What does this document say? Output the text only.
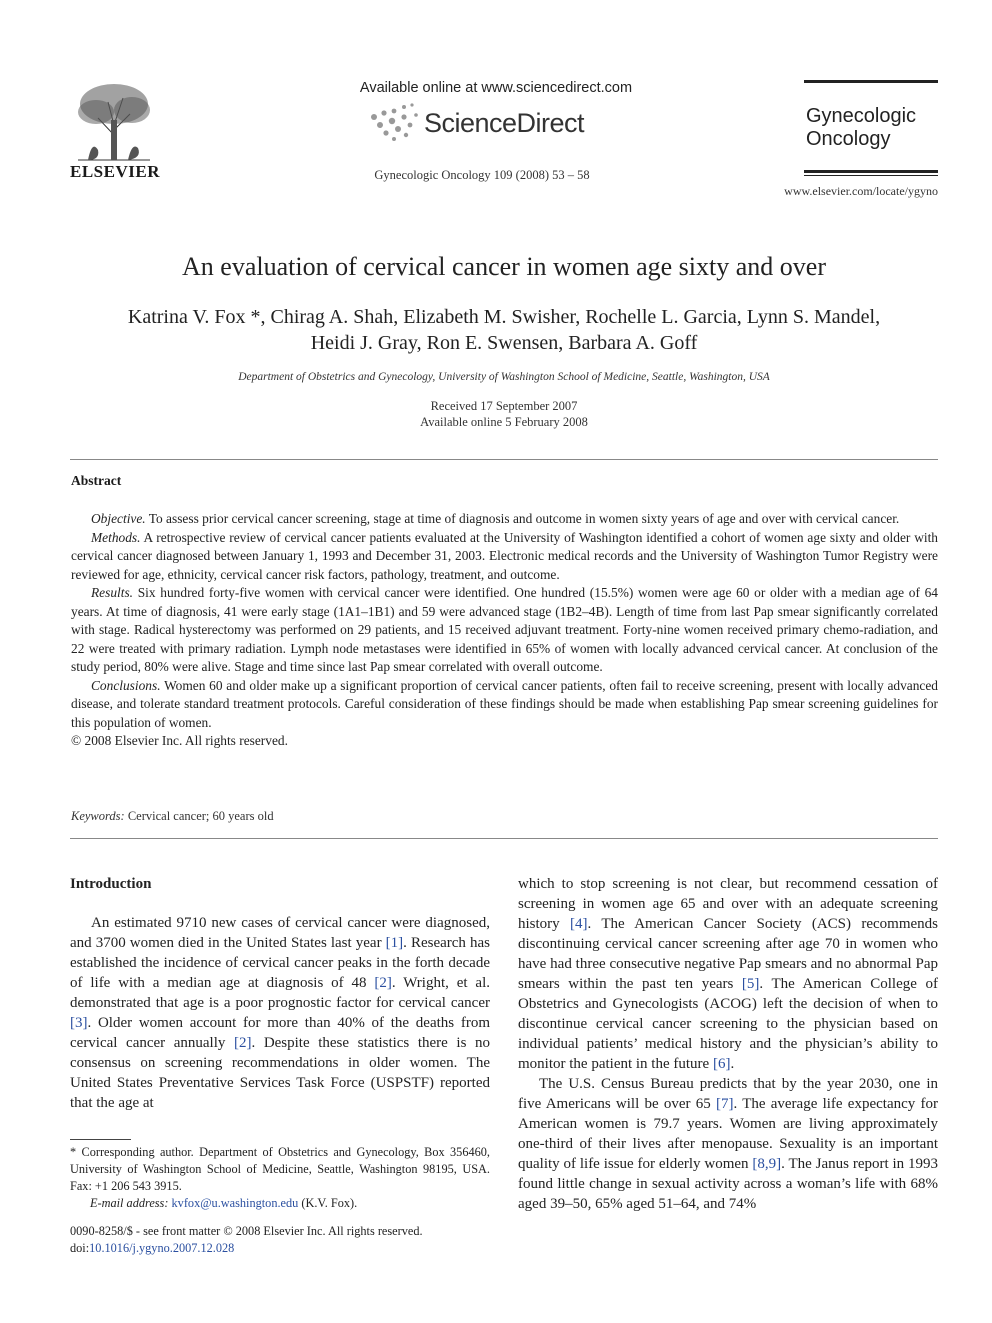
ELSEVIER
Available online at www.sciencedirect.com
ScienceDirect
Gynecologic Oncology 109 (2008) 53 – 58
Gynecologic
Oncology
www.elsevier.com/locate/ygyno
An evaluation of cervical cancer in women age sixty and over
Katrina V. Fox *, Chirag A. Shah, Elizabeth M. Swisher, Rochelle L. Garcia, Lynn S. Mandel,
Heidi J. Gray, Ron E. Swensen, Barbara A. Goff
Department of Obstetrics and Gynecology, University of Washington School of Medicine, Seattle, Washington, USA
Received 17 September 2007
Available online 5 February 2008
Abstract

Objective. To assess prior cervical cancer screening, stage at time of diagnosis and outcome in women sixty years of age and over with cervical cancer.

Methods. A retrospective review of cervical cancer patients evaluated at the University of Washington identified a cohort of women age sixty and older with cervical cancer diagnosed between January 1, 1993 and December 31, 2003. Electronic medical records and the University of Washington Tumor Registry were reviewed for age, ethnicity, cervical cancer risk factors, pathology, treatment, and outcome.

Results. Six hundred forty-five women with cervical cancer were identified. One hundred (15.5%) women were age 60 or older with a median age of 64 years. At time of diagnosis, 41 were early stage (1A1–1B1) and 59 were advanced stage (1B2–4B). Length of time from last Pap smear significantly correlated with stage. Radical hysterectomy was performed on 29 patients, and 15 received adjuvant treatment. Forty-nine women received primary chemo-radiation, and 22 were treated with primary radiation. Lymph node metastases were identified in 65% of women with locally advanced cervical cancer. At conclusion of the study period, 80% were alive. Stage and time since last Pap smear correlated with overall outcome.

Conclusions. Women 60 and older make up a significant proportion of cervical cancer patients, often fail to receive screening, present with locally advanced disease, and tolerate standard treatment protocols. Careful consideration of these findings should be made when establishing Pap smear screening guidelines for this population of women.

© 2008 Elsevier Inc. All rights reserved.

Keywords: Cervical cancer; 60 years old

Introduction

An estimated 9710 new cases of cervical cancer were diagnosed, and 3700 women died in the United States last year [1]. Research has established the incidence of cervical cancer peaks in the forth decade of life with a median age at diagnosis of 48 [2]. Wright, et al. demonstrated that age is a poor prognostic factor for cervical cancer [3]. Older women account for more than 40% of the deaths from cervical cancer annually [2]. Despite these statistics there is no consensus on screening recommendations in older women. The United States Preventative Services Task Force (USPSTF) reported that the age at

which to stop screening is not clear, but recommend cessation of screening in women age 65 and over with an adequate screening history [4]. The American Cancer Society (ACS) recommends discontinuing cervical cancer screening after age 70 in women who have had three consecutive negative Pap smears and no abnormal Pap smears within the past ten years [5]. The American College of Obstetrics and Gynecologists (ACOG) left the decision of when to discontinue cervical cancer screening to the physician based on individual patients’ medical history and the physician’s ability to monitor the patient in the future [6].

The U.S. Census Bureau predicts that by the year 2030, one in five Americans will be over 65 [7]. The average life expectancy for American women is 79.7 years. Women are living approximately one-third of their lives after menopause. Sexuality is an important quality of life issue for elderly women [8,9]. The Janus report in 1993 found little change in sexual activity across a woman’s life with 68% aged 39–50, 65% aged 51–64, and 74%

* Corresponding author. Department of Obstetrics and Gynecology, Box 356460, University of Washington School of Medicine, Seattle, Washington 98195, USA. Fax: +1 206 543 3915.

E-mail address: kvfox@u.washington.edu (K.V. Fox).

0090-8258/$ - see front matter © 2008 Elsevier Inc. All rights reserved.
doi:10.1016/j.ygyno.2007.12.028
